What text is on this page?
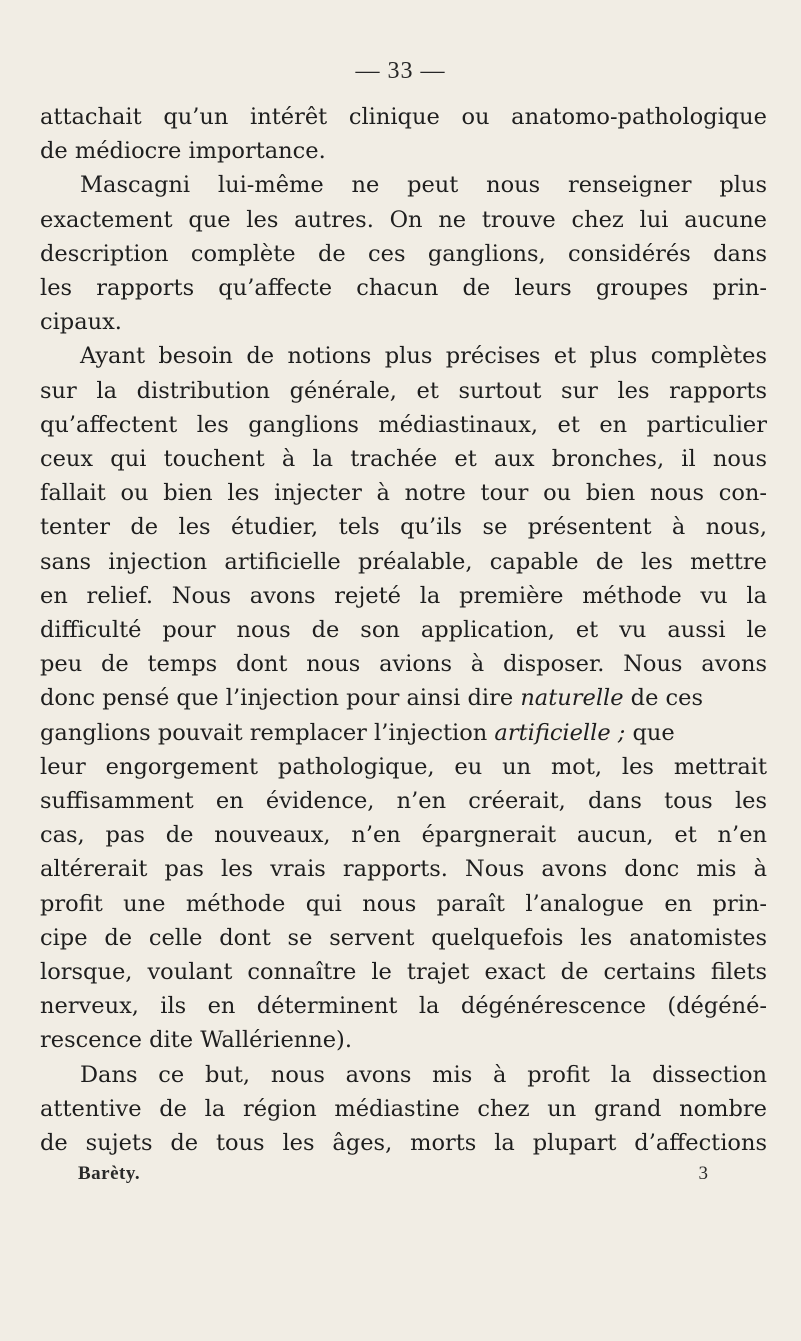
— 33 —
attachait qu’un intérêt clinique ou anatomo-pathologique
de médiocre importance.
Mascagni lui-même ne peut nous renseigner plus
exactement que les autres. On ne trouve chez lui aucune
description complète de ces ganglions, considérés dans
les rapports qu’affecte chacun de leurs groupes prin-
cipaux.
Ayant besoin de notions plus précises et plus complètes
sur la distribution générale, et surtout sur les rapports
qu’affectent les ganglions médiastinaux, et en particulier
ceux qui touchent à la trachée et aux bronches, il nous
fallait ou bien les injecter à notre tour ou bien nous con-
tenter de les étudier, tels qu’ils se présentent à nous,
sans injection artificielle préalable, capable de les mettre
en relief. Nous avons rejeté la première méthode vu la
difficulté pour nous de son application, et vu aussi le
peu de temps dont nous avions à disposer. Nous avons
donc pensé que l’injection pour ainsi dire naturelle de ces
ganglions pouvait remplacer l’injection artificielle ; que
leur engorgement pathologique, eu un mot, les mettrait
suffisamment en évidence, n’en créerait, dans tous les
cas, pas de nouveaux, n’en épargnerait aucun, et n’en
altérerait pas les vrais rapports. Nous avons donc mis à
profit une méthode qui nous paraît l’analogue en prin-
cipe de celle dont se servent quelquefois les anatomistes
lorsque, voulant connaître le trajet exact de certains filets
nerveux, ils en déterminent la dégénérescence (dégéné-
rescence dite Wallérienne).
Dans ce but, nous avons mis à profit la dissection
attentive de la région médiastine chez un grand nombre
de sujets de tous les âges, morts la plupart d’affections
Barèty.	3
